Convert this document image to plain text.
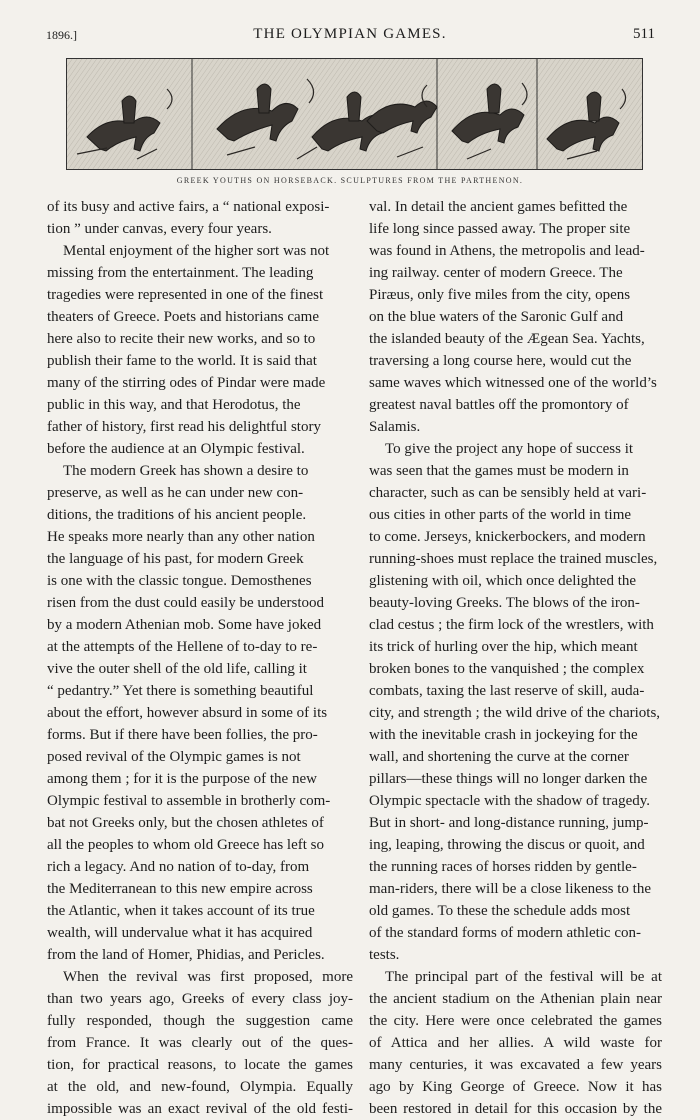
1896.]	THE OLYMPIAN GAMES.	511
GREEK YOUTHS ON HORSEBACK. SCULPTURES FROM THE PARTHENON.

of its busy and active fairs, a “ national exposi-
tion ” under canvas, every four years.

Mental enjoyment of the higher sort was not
missing from the entertainment. The leading
tragedies were represented in one of the finest
theaters of Greece. Poets and historians came
here also to recite their new works, and so to
publish their fame to the world. It is said that
many of the stirring odes of Pindar were made
public in this way, and that Herodotus, the
father of history, first read his delightful story
before the audience at an Olympic festival.

The modern Greek has shown a desire to
preserve, as well as he can under new con-
ditions, the traditions of his ancient people.
He speaks more nearly than any other nation
the language of his past, for modern Greek
is one with the classic tongue. Demosthenes
risen from the dust could easily be understood
by a modern Athenian mob. Some have joked
at the attempts of the Hellene of to-day to re-
vive the outer shell of the old life, calling it
“ pedantry.” Yet there is something beautiful
about the effort, however absurd in some of its
forms. But if there have been follies, the pro-
posed revival of the Olympic games is not
among them ; for it is the purpose of the new
Olympic festival to assemble in brotherly com-
bat not Greeks only, but the chosen athletes of
all the peoples to whom old Greece has left so
rich a legacy. And no nation of to-day, from
the Mediterranean to this new empire across
the Atlantic, when it takes account of its true
wealth, will undervalue what it has acquired
from the land of Homer, Phidias, and Pericles.

When the revival was first proposed, more
than two years ago, Greeks of every class joy-
fully responded, though the suggestion came
from France. It was clearly out of the ques-
tion, for practical reasons, to locate the games
at the old, and new-found, Olympia. Equally
impossible was an exact revival of the old festi-

val. In detail the ancient games befitted the
life long since passed away. The proper site
was found in Athens, the metropolis and lead-
ing railway. center of modern Greece. The
Piræus, only five miles from the city, opens
on the blue waters of the Saronic Gulf and
the islanded beauty of the Ægean Sea. Yachts,
traversing a long course here, would cut the
same waves which witnessed one of the world’s
greatest naval battles off the promontory of
Salamis.

To give the project any hope of success it
was seen that the games must be modern in
character, such as can be sensibly held at vari-
ous cities in other parts of the world in time
to come. Jerseys, knickerbockers, and modern
running-shoes must replace the trained muscles,
glistening with oil, which once delighted the
beauty-loving Greeks. The blows of the iron-
clad cestus ; the firm lock of the wrestlers, with
its trick of hurling over the hip, which meant
broken bones to the vanquished ; the complex
combats, taxing the last reserve of skill, auda-
city, and strength ; the wild drive of the chariots,
with the inevitable crash in jockeying for the
wall, and shortening the curve at the corner
pillars—these things will no longer darken the
Olympic spectacle with the shadow of tragedy.
But in short- and long-distance running, jump-
ing, leaping, throwing the discus or quoit, and
the running races of horses ridden by gentle-
man-riders, there will be a close likeness to the
old games. To these the schedule adds most
of the standard forms of modern athletic con-
tests.

The principal part of the festival will be at
the ancient stadium on the Athenian plain near
the city. Here were once celebrated the games
of Attica and her allies. A wild waste for
many centuries, it was excavated a few years
ago by King George of Greece. Now it has
been restored in detail for this occasion by the
